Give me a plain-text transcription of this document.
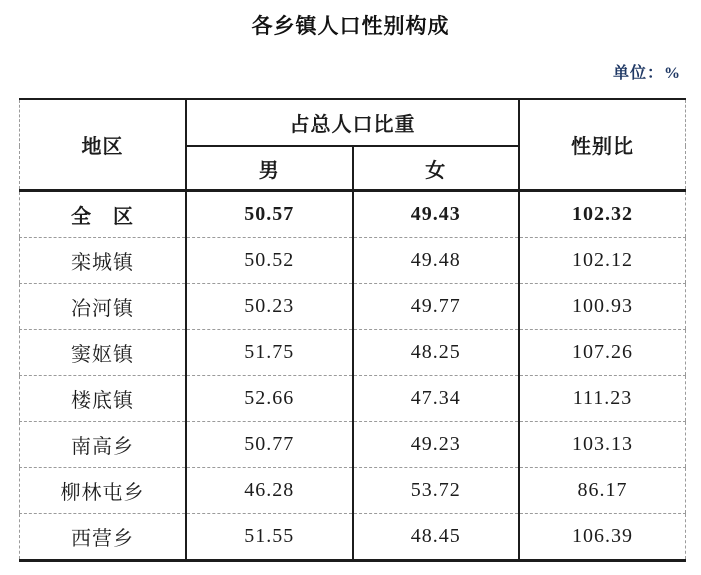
各乡镇人口性别构成
单位：%
地区	占总人口比重		性别比
	男	女	
全　区	50.57	49.43	102.32
栾城镇	50.52	49.48	102.12
冶河镇	50.23	49.77	100.93
窦妪镇	51.75	48.25	107.26
楼底镇	52.66	47.34	111.23
南高乡	50.77	49.23	103.13
柳林屯乡	46.28	53.72	86.17
西营乡	51.55	48.45	106.39
